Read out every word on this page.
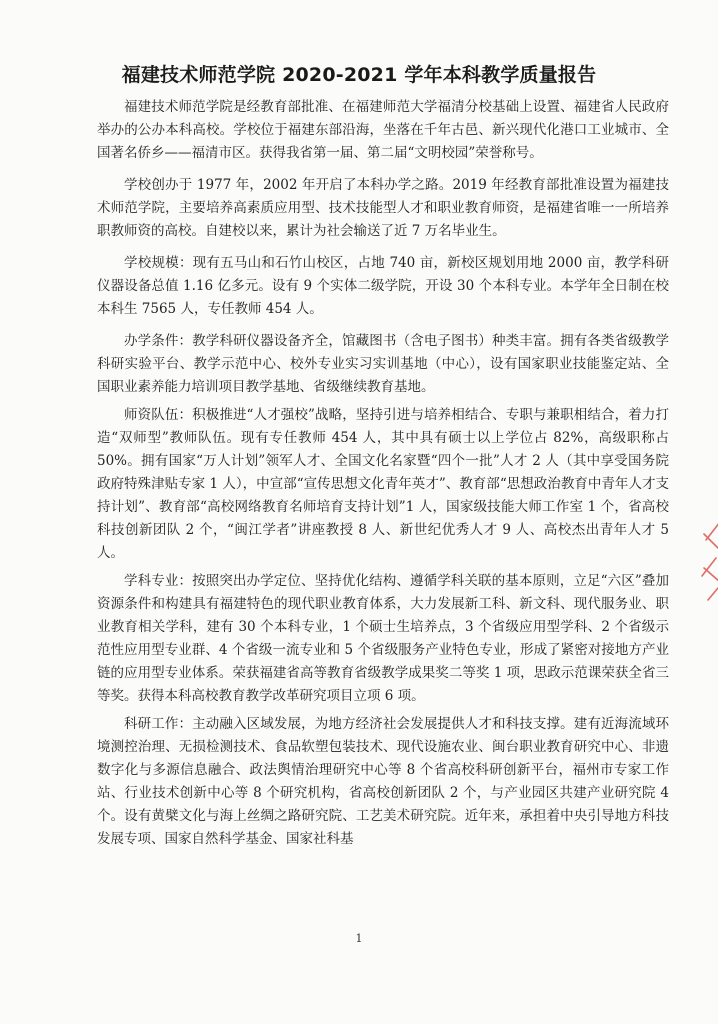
福建技术师范学院 2020-2021 学年本科教学质量报告

福建技术师范学院是经教育部批准、在福建师范大学福清分校基础上设置、福建省人民政府举办的公办本科高校。学校位于福建东部沿海，坐落在千年古邑、新兴现代化港口工业城市、全国著名侨乡——福清市区。获得我省第一届、第二届“文明校园”荣誉称号。

学校创办于 1977 年，2002 年开启了本科办学之路。2019 年经教育部批准设置为福建技术师范学院，主要培养高素质应用型、技术技能型人才和职业教育师资，是福建省唯一一所培养职教师资的高校。自建校以来，累计为社会输送了近 7 万名毕业生。

学校规模：现有五马山和石竹山校区，占地 740 亩，新校区规划用地 2000 亩，教学科研仪器设备总值 1.16 亿多元。设有 9 个实体二级学院，开设 30 个本科专业。本学年全日制在校本科生 7565 人，专任教师 454 人。

办学条件：教学科研仪器设备齐全，馆藏图书（含电子图书）种类丰富。拥有各类省级教学科研实验平台、教学示范中心、校外专业实习实训基地（中心），设有国家职业技能鉴定站、全国职业素养能力培训项目教学基地、省级继续教育基地。

师资队伍：积极推进“人才强校”战略，坚持引进与培养相结合、专职与兼职相结合，着力打造“双师型”教师队伍。现有专任教师 454 人，其中具有硕士以上学位占 82%，高级职称占 50%。拥有国家“万人计划”领军人才、全国文化名家暨“四个一批”人才 2 人（其中享受国务院政府特殊津贴专家 1 人），中宣部“宣传思想文化青年英才”、教育部“思想政治教育中青年人才支持计划”、教育部“高校网络教育名师培育支持计划”1 人，国家级技能大师工作室 1 个，省高校科技创新团队 2 个，“闽江学者”讲座教授 8 人、新世纪优秀人才 9 人、高校杰出青年人才 5 人。

学科专业：按照突出办学定位、坚持优化结构、遵循学科关联的基本原则，立足“六区”叠加资源条件和构建具有福建特色的现代职业教育体系，大力发展新工科、新文科、现代服务业、职业教育相关学科，建有 30 个本科专业，1 个硕士生培养点，3 个省级应用型学科、2 个省级示范性应用型专业群、4 个省级一流专业和 5 个省级服务产业特色专业，形成了紧密对接地方产业链的应用型专业体系。荣获福建省高等教育省级教学成果奖二等奖 1 项，思政示范课荣获全省三等奖。获得本科高校教育教学改革研究项目立项 6 项。

科研工作：主动融入区域发展，为地方经济社会发展提供人才和科技支撑。建有近海流域环境测控治理、无损检测技术、食品软塑包装技术、现代设施农业、闽台职业教育研究中心、非遗数字化与多源信息融合、政法舆情治理研究中心等 8 个省高校科研创新平台，福州市专家工作站、行业技术创新中心等 8 个研究机构，省高校创新团队 2 个，与产业园区共建产业研究院 4 个。设有黄檗文化与海上丝绸之路研究院、工艺美术研究院。近年来，承担着中央引导地方科技发展专项、国家自然科学基金、国家社科基

1
